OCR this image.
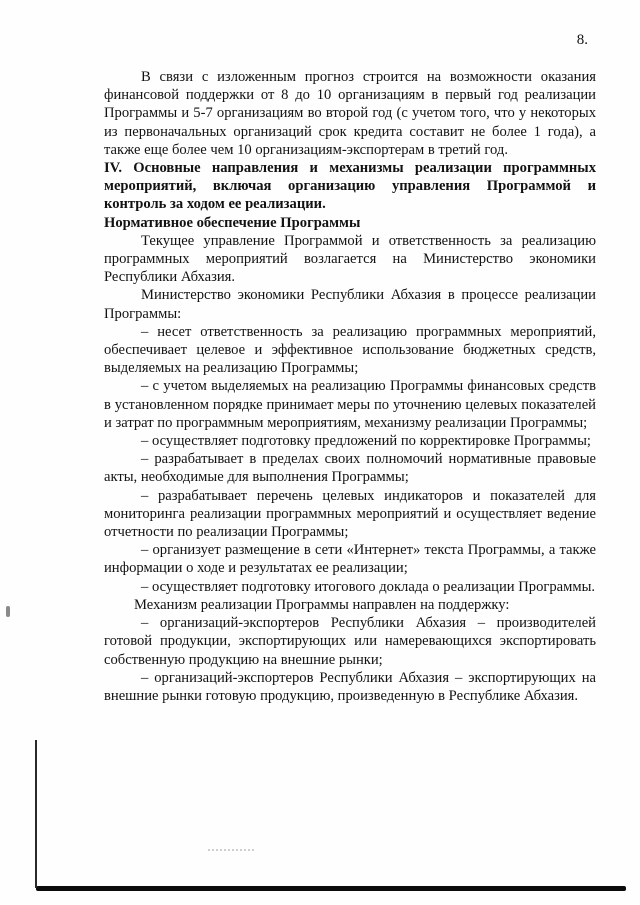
8.

В связи с изложенным прогноз строится на возможности оказания финансовой поддержки от 8 до 10 организациям в первый год реализации Программы и 5-7 организациям во второй год (с учетом того, что у некоторых из первоначальных организаций срок кредита составит не более 1 года), а также еще более чем 10 организациям-экспортерам в третий год.

IV. Основные направления и механизмы реализации программных мероприятий, включая организацию управления Программой и контроль за ходом ее реализации.

Нормативное обеспечение Программы

Текущее управление Программой и ответственность за реализацию программных мероприятий возлагается на Министерство экономики Республики Абхазия.

Министерство экономики Республики Абхазия в процессе реализации Программы:

– несет ответственность за реализацию программных мероприятий, обеспечивает целевое и эффективное использование бюджетных средств, выделяемых на реализацию Программы;

– с учетом выделяемых на реализацию Программы финансовых средств в установленном порядке принимает меры по уточнению целевых показателей и затрат по программным мероприятиям, механизму реализации Программы;

– осуществляет подготовку предложений по корректировке Программы;

– разрабатывает в пределах своих полномочий нормативные правовые акты, необходимые для выполнения Программы;

– разрабатывает перечень целевых индикаторов и показателей для мониторинга реализации программных мероприятий и осуществляет ведение отчетности по реализации Программы;

– организует размещение в сети «Интернет» текста Программы, а также информации о ходе и результатах ее реализации;

– осуществляет подготовку итогового доклада о реализации Программы.

Механизм реализации Программы направлен на поддержку:

– организаций-экспортеров Республики Абхазия – производителей готовой продукции, экспортирующих или намеревающихся экспортировать собственную продукцию на внешние рынки;

– организаций-экспортеров Республики Абхазия – экспортирующих на внешние рынки готовую продукцию, произведенную в Республике Абхазия.
